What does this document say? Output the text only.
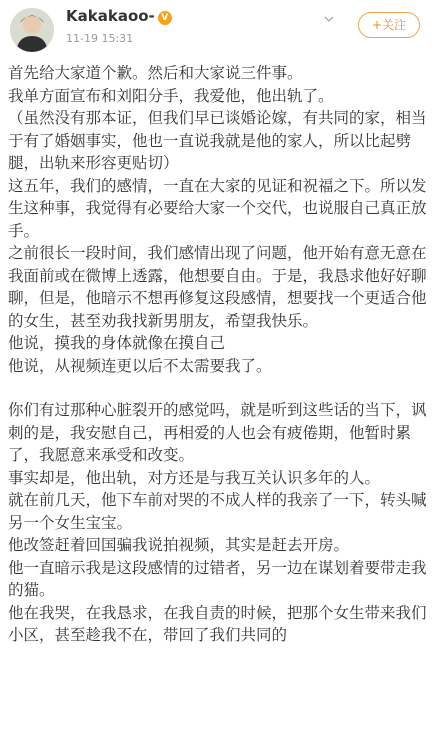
Kakakaoo- V
11-19 15:31
+关注

首先给大家道个歉。然后和大家说三件事。

我单方面宣布和刘阳分手，我爱他，他出轨了。

（虽然没有那本证，但我们早已谈婚论嫁，有共同的家，相当于有了婚姻事实，他也一直说我就是他的家人，所以比起劈腿，出轨来形容更贴切）

这五年，我们的感情，一直在大家的见证和祝福之下。所以发生这种事，我觉得有必要给大家一个交代，也说服自己真正放手。

之前很长一段时间，我们感情出现了问题，他开始有意无意在我面前或在微博上透露，他想要自由。于是，我恳求他好好聊聊，但是，他暗示不想再修复这段感情，想要找一个更适合他的女生，甚至劝我找新男朋友，希望我快乐。

他说，摸我的身体就像在摸自己

他说，从视频连更以后不太需要我了。

你们有过那种心脏裂开的感觉吗，就是听到这些话的当下，讽刺的是，我安慰自己，再相爱的人也会有疲倦期，他暂时累了，我愿意来承受和改变。

事实却是，他出轨，对方还是与我互关认识多年的人。

就在前几天，他下车前对哭的不成人样的我亲了一下，转头喊另一个女生宝宝。

他改签赶着回国骗我说拍视频，其实是赶去开房。

他一直暗示我是这段感情的过错者，另一边在谋划着要带走我的猫。

他在我哭，在我恳求，在我自责的时候，把那个女生带来我们小区，甚至趁我不在，带回了我们共同的
